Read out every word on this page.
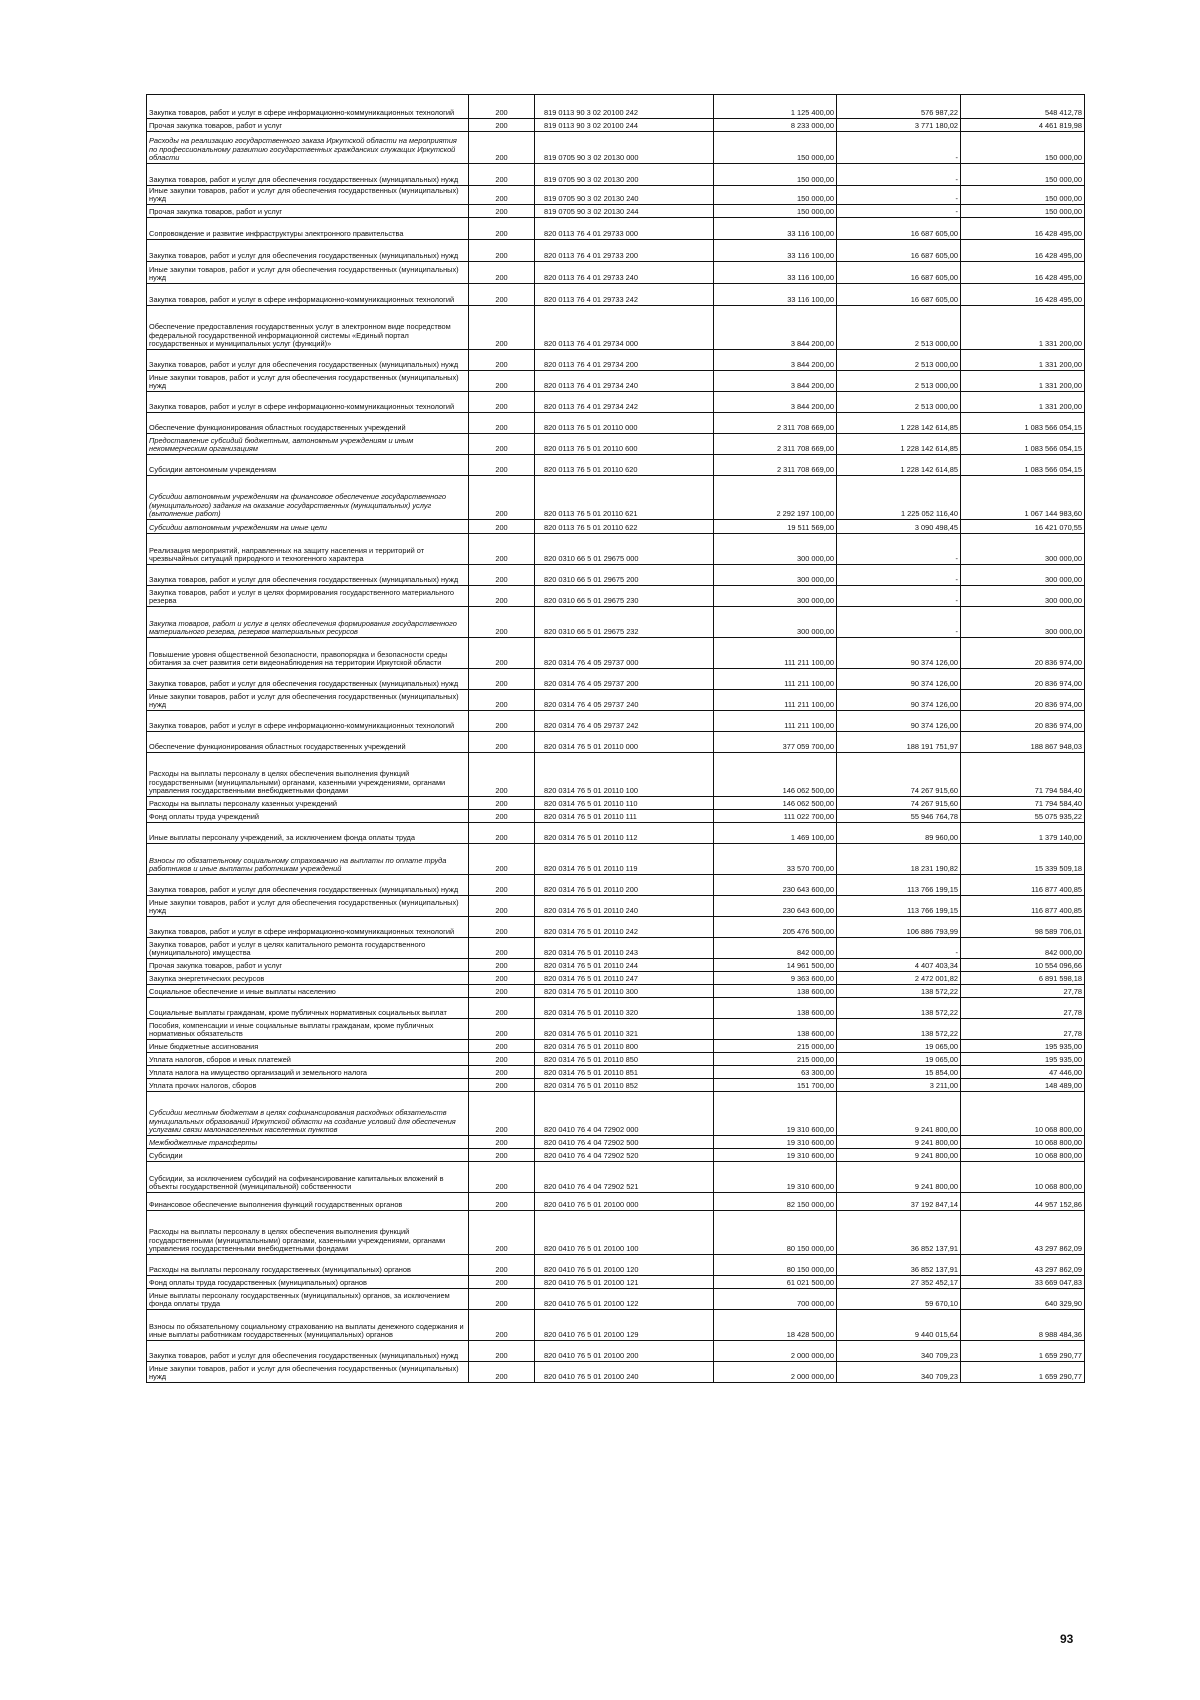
Закупка товаров, работ и услуг в сфере информационно-коммуникационных технологий	200	819 0113 90 3 02 20100 242	1 125 400,00	576 987,22	548 412,78
Прочая закупка товаров, работ и услуг	200	819 0113 90 3 02 20100 244	8 233 000,00	3 771 180,02	4 461 819,98
Расходы на реализацию государственного заказа Иркутской области на мероприятия по профессиональному развитию государственных гражданских служащих Иркутской области	200	819 0705 90 3 02 20130 000	150 000,00	-	150 000,00
Закупка товаров, работ и услуг для обеспечения государственных (муниципальных) нужд	200	819 0705 90 3 02 20130 200	150 000,00	-	150 000,00
Иные закупки товаров, работ и услуг для обеспечения государственных (муниципальных) нужд	200	819 0705 90 3 02 20130 240	150 000,00	-	150 000,00
Прочая закупка товаров, работ и услуг	200	819 0705 90 3 02 20130 244	150 000,00	-	150 000,00
Сопровождение и развитие инфраструктуры электронного правительства	200	820 0113 76 4 01 29733 000	33 116 100,00	16 687 605,00	16 428 495,00
Закупка товаров, работ и услуг для обеспечения государственных (муниципальных) нужд	200	820 0113 76 4 01 29733 200	33 116 100,00	16 687 605,00	16 428 495,00
Иные закупки товаров, работ и услуг для обеспечения государственных (муниципальных) нужд	200	820 0113 76 4 01 29733 240	33 116 100,00	16 687 605,00	16 428 495,00
Закупка товаров, работ и услуг в сфере информационно-коммуникационных технологий	200	820 0113 76 4 01 29733 242	33 116 100,00	16 687 605,00	16 428 495,00
Обеспечение предоставления государственных услуг в электронном виде посредством федеральной государственной информационной системы «Единый портал государственных и муниципальных услуг (функций)»	200	820 0113 76 4 01 29734 000	3 844 200,00	2 513 000,00	1 331 200,00
Закупка товаров, работ и услуг для обеспечения государственных (муниципальных) нужд	200	820 0113 76 4 01 29734 200	3 844 200,00	2 513 000,00	1 331 200,00
Иные закупки товаров, работ и услуг для обеспечения государственных (муниципальных) нужд	200	820 0113 76 4 01 29734 240	3 844 200,00	2 513 000,00	1 331 200,00
Закупка товаров, работ и услуг в сфере информационно-коммуникационных технологий	200	820 0113 76 4 01 29734 242	3 844 200,00	2 513 000,00	1 331 200,00
Обеспечение функционирования областных государственных учреждений	200	820 0113 76 5 01 20110 000	2 311 708 669,00	1 228 142 614,85	1 083 566 054,15
Предоставление субсидий бюджетным, автономным учреждениям и иным некоммерческим организациям	200	820 0113 76 5 01 20110 600	2 311 708 669,00	1 228 142 614,85	1 083 566 054,15
Субсидии автономным учреждениям	200	820 0113 76 5 01 20110 620	2 311 708 669,00	1 228 142 614,85	1 083 566 054,15
Субсидии автономным учреждениям на финансовое обеспечение государственного (муниципального) задания на оказание государственных (муниципальных) услуг (выполнение работ)	200	820 0113 76 5 01 20110 621	2 292 197 100,00	1 225 052 116,40	1 067 144 983,60
Субсидии автономным учреждениям на иные цели	200	820 0113 76 5 01 20110 622	19 511 569,00	3 090 498,45	16 421 070,55
Реализация мероприятий, направленных на защиту населения и территорий от чрезвычайных ситуаций природного и техногенного характера	200	820 0310 66 5 01 29675 000	300 000,00	-	300 000,00
Закупка товаров, работ и услуг для обеспечения государственных (муниципальных) нужд	200	820 0310 66 5 01 29675 200	300 000,00	-	300 000,00
Закупка товаров, работ и услуг в целях формирования государственного материального резерва	200	820 0310 66 5 01 29675 230	300 000,00	-	300 000,00
Закупка товаров, работ и услуг в целях обеспечения формирования государственного материального резерва, резервов материальных ресурсов	200	820 0310 66 5 01 29675 232	300 000,00	-	300 000,00
Повышение уровня общественной безопасности, правопорядка и безопасности среды обитания за счет развития сети видеонаблюдения на территории Иркутской области	200	820 0314 76 4 05 29737 000	111 211 100,00	90 374 126,00	20 836 974,00
Закупка товаров, работ и услуг для обеспечения государственных (муниципальных) нужд	200	820 0314 76 4 05 29737 200	111 211 100,00	90 374 126,00	20 836 974,00
Иные закупки товаров, работ и услуг для обеспечения государственных (муниципальных) нужд	200	820 0314 76 4 05 29737 240	111 211 100,00	90 374 126,00	20 836 974,00
Закупка товаров, работ и услуг в сфере информационно-коммуникационных технологий	200	820 0314 76 4 05 29737 242	111 211 100,00	90 374 126,00	20 836 974,00
Обеспечение функционирования областных государственных учреждений	200	820 0314 76 5 01 20110 000	377 059 700,00	188 191 751,97	188 867 948,03
Расходы на выплаты персоналу в целях обеспечения выполнения функций государственными (муниципальными) органами, казенными учреждениями, органами управления государственными внебюджетными фондами	200	820 0314 76 5 01 20110 100	146 062 500,00	74 267 915,60	71 794 584,40
Расходы на выплаты персоналу казенных учреждений	200	820 0314 76 5 01 20110 110	146 062 500,00	74 267 915,60	71 794 584,40
Фонд оплаты труда учреждений	200	820 0314 76 5 01 20110 111	111 022 700,00	55 946 764,78	55 075 935,22
Иные выплаты персоналу учреждений, за исключением фонда оплаты труда	200	820 0314 76 5 01 20110 112	1 469 100,00	89 960,00	1 379 140,00
Взносы по обязательному социальному страхованию на выплаты по оплате труда работников и иные выплаты работникам учреждений	200	820 0314 76 5 01 20110 119	33 570 700,00	18 231 190,82	15 339 509,18
Закупка товаров, работ и услуг для обеспечения государственных (муниципальных) нужд	200	820 0314 76 5 01 20110 200	230 643 600,00	113 766 199,15	116 877 400,85
Иные закупки товаров, работ и услуг для обеспечения государственных (муниципальных) нужд	200	820 0314 76 5 01 20110 240	230 643 600,00	113 766 199,15	116 877 400,85
Закупка товаров, работ и услуг в сфере информационно-коммуникационных технологий	200	820 0314 76 5 01 20110 242	205 476 500,00	106 886 793,99	98 589 706,01
Закупка товаров, работ и услуг в целях капитального ремонта государственного (муниципального) имущества	200	820 0314 76 5 01 20110 243	842 000,00	-	842 000,00
Прочая закупка товаров, работ и услуг	200	820 0314 76 5 01 20110 244	14 961 500,00	4 407 403,34	10 554 096,66
Закупка энергетических ресурсов	200	820 0314 76 5 01 20110 247	9 363 600,00	2 472 001,82	6 891 598,18
Социальное обеспечение и иные выплаты населению	200	820 0314 76 5 01 20110 300	138 600,00	138 572,22	27,78
Социальные выплаты гражданам, кроме публичных нормативных социальных выплат	200	820 0314 76 5 01 20110 320	138 600,00	138 572,22	27,78
Пособия, компенсации и иные социальные выплаты гражданам, кроме публичных нормативных обязательств	200	820 0314 76 5 01 20110 321	138 600,00	138 572,22	27,78
Иные бюджетные ассигнования	200	820 0314 76 5 01 20110 800	215 000,00	19 065,00	195 935,00
Уплата налогов, сборов и иных платежей	200	820 0314 76 5 01 20110 850	215 000,00	19 065,00	195 935,00
Уплата налога на имущество организаций и земельного налога	200	820 0314 76 5 01 20110 851	63 300,00	15 854,00	47 446,00
Уплата прочих налогов, сборов	200	820 0314 76 5 01 20110 852	151 700,00	3 211,00	148 489,00
Субсидии местным бюджетам в целях софинансирования расходных обязательств муниципальных образований Иркутской области на создание условий для обеспечения услугами связи малонаселенных населенных пунктов	200	820 0410 76 4 04 72902 000	19 310 600,00	9 241 800,00	10 068 800,00
Межбюджетные трансферты	200	820 0410 76 4 04 72902 500	19 310 600,00	9 241 800,00	10 068 800,00
Субсидии	200	820 0410 76 4 04 72902 520	19 310 600,00	9 241 800,00	10 068 800,00
Субсидии, за исключением субсидий на софинансирование капитальных вложений в объекты государственной (муниципальной) собственности	200	820 0410 76 4 04 72902 521	19 310 600,00	9 241 800,00	10 068 800,00
Финансовое обеспечение выполнения функций государственных органов	200	820 0410 76 5 01 20100 000	82 150 000,00	37 192 847,14	44 957 152,86
Расходы на выплаты персоналу в целях обеспечения выполнения функций государственными (муниципальными) органами, казенными учреждениями, органами управления государственными внебюджетными фондами	200	820 0410 76 5 01 20100 100	80 150 000,00	36 852 137,91	43 297 862,09
Расходы на выплаты персоналу государственных (муниципальных) органов	200	820 0410 76 5 01 20100 120	80 150 000,00	36 852 137,91	43 297 862,09
Фонд оплаты труда государственных (муниципальных) органов	200	820 0410 76 5 01 20100 121	61 021 500,00	27 352 452,17	33 669 047,83
Иные выплаты персоналу государственных (муниципальных) органов, за исключением фонда оплаты труда	200	820 0410 76 5 01 20100 122	700 000,00	59 670,10	640 329,90
Взносы по обязательному социальному страхованию на выплаты денежного содержания и иные выплаты работникам государственных (муниципальных) органов	200	820 0410 76 5 01 20100 129	18 428 500,00	9 440 015,64	8 988 484,36
Закупка товаров, работ и услуг для обеспечения государственных (муниципальных) нужд	200	820 0410 76 5 01 20100 200	2 000 000,00	340 709,23	1 659 290,77
Иные закупки товаров, работ и услуг для обеспечения государственных (муниципальных) нужд	200	820 0410 76 5 01 20100 240	2 000 000,00	340 709,23	1 659 290,77
93
